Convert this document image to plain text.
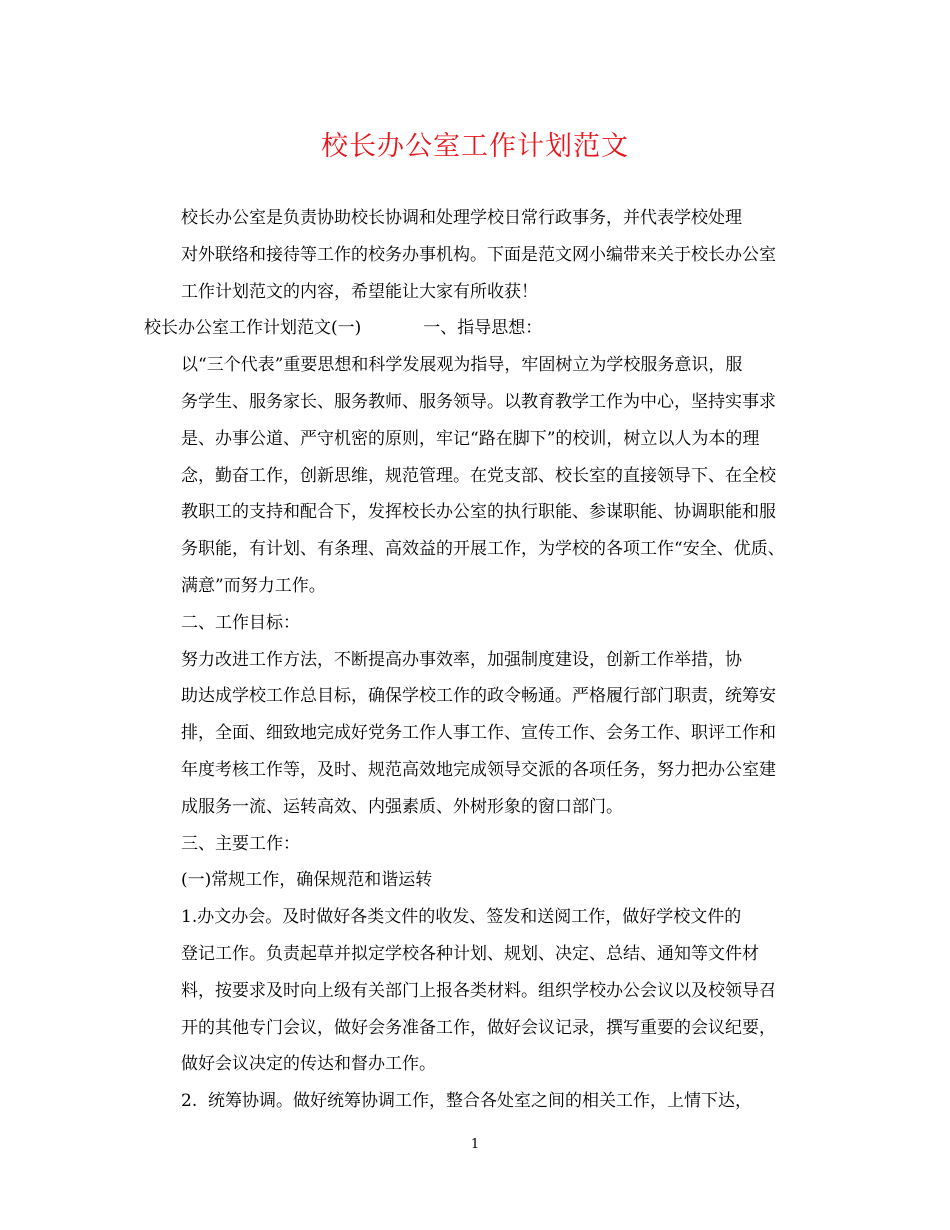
校长办公室工作计划范文

校长办公室是负责协助校长协调和处理学校日常行政事务，并代表学校处理
对外联络和接待等工作的校务办事机构。下面是范文网小编带来关于校长办公室
工作计划范文的内容，希望能让大家有所收获！

校长办公室工作计划范文(一)	一、指导思想：

以“三个代表”重要思想和科学发展观为指导，牢固树立为学校服务意识，服
务学生、服务家长、服务教师、服务领导。以教育教学工作为中心，坚持实事求
是、办事公道、严守机密的原则，牢记“路在脚下”的校训，树立以人为本的理
念，勤奋工作，创新思维，规范管理。在党支部、校长室的直接领导下、在全校
教职工的支持和配合下，发挥校长办公室的执行职能、参谋职能、协调职能和服
务职能，有计划、有条理、高效益的开展工作，为学校的各项工作“安全、优质、
满意”而努力工作。

二、工作目标：

努力改进工作方法，不断提高办事效率，加强制度建设，创新工作举措，协
助达成学校工作总目标，确保学校工作的政令畅通。严格履行部门职责，统筹安
排，全面、细致地完成好党务工作人事工作、宣传工作、会务工作、职评工作和
年度考核工作等，及时、规范高效地完成领导交派的各项任务，努力把办公室建
成服务一流、运转高效、内强素质、外树形象的窗口部门。

三、主要工作：

(一)常规工作，确保规范和谐运转

1.办文办会。及时做好各类文件的收发、签发和送阅工作，做好学校文件的
登记工作。负责起草并拟定学校各种计划、规划、决定、总结、通知等文件材
料，按要求及时向上级有关部门上报各类材料。组织学校办公会议以及校领导召
开的其他专门会议，做好会务准备工作，做好会议记录，撰写重要的会议纪要，
做好会议决定的传达和督办工作。

2.  统筹协调。做好统筹协调工作，整合各处室之间的相关工作，上情下达，

1
